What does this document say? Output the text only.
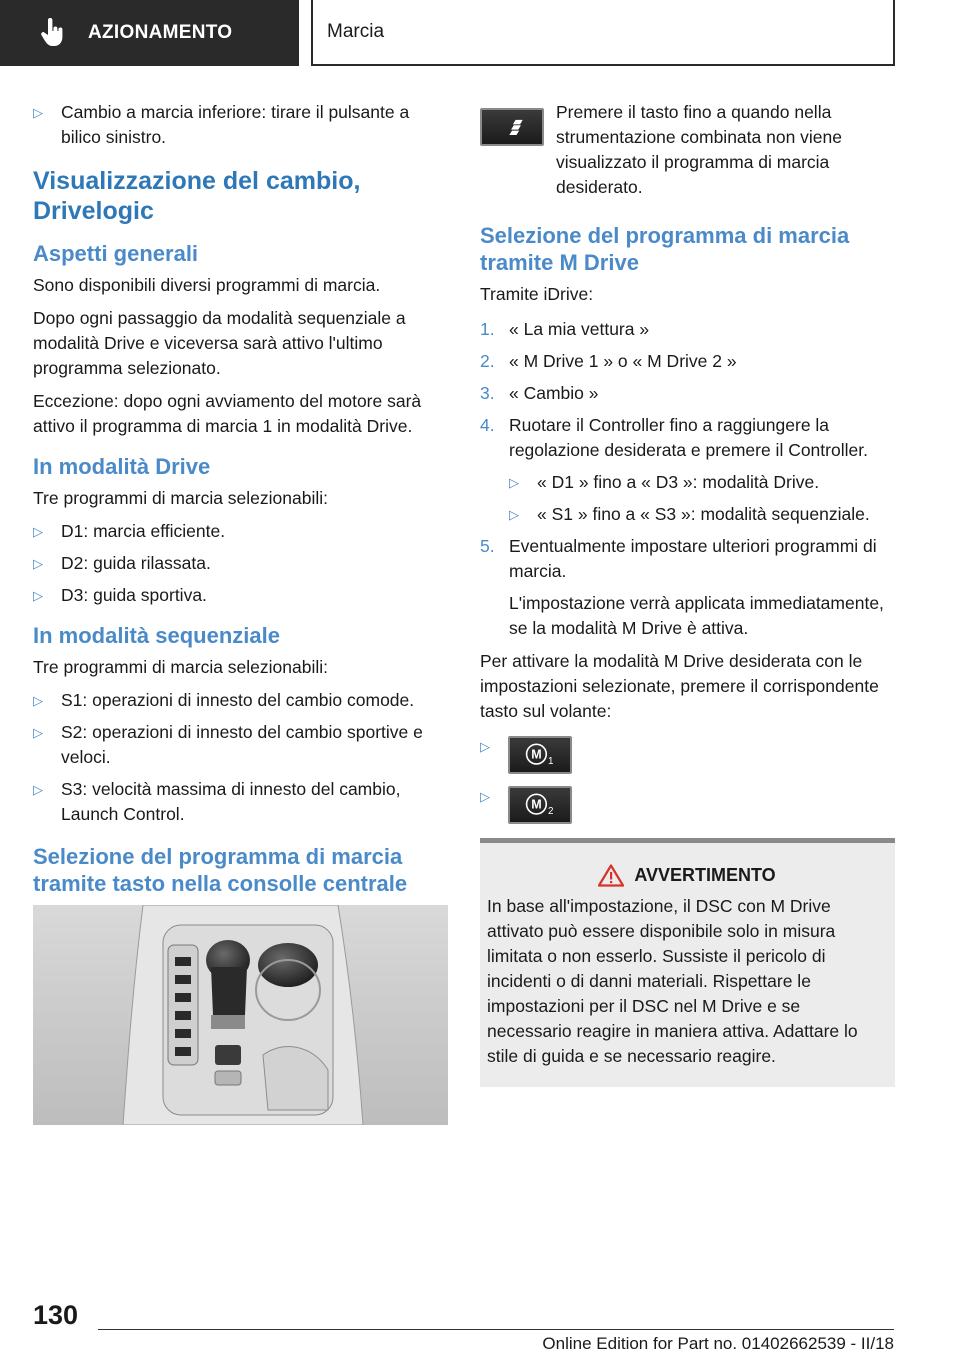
AZIONAMENTO	Marcia
▷	Cambio a marcia inferiore: tirare il pulsante a bilico sinistro.
Visualizzazione del cambio, Drivelogic
Aspetti generali

Sono disponibili diversi programmi di marcia.

Dopo ogni passaggio da modalità sequenziale a modalità Drive e viceversa sarà attivo l'ultimo programma selezionato.

Eccezione: dopo ogni avviamento del motore sarà attivo il programma di marcia 1 in modalità Drive.

In modalità Drive

Tre programmi di marcia selezionabili:

▷	D1: marcia efficiente.
▷	D2: guida rilassata.
▷	D3: guida sportiva.
In modalità sequenziale

Tre programmi di marcia selezionabili:

▷	S1: operazioni di innesto del cambio comode.
▷	S2: operazioni di innesto del cambio sportive e veloci.
▷	S3: velocità massima di innesto del cambio, Launch Control.
Selezione del programma di marcia tramite tasto nella consolle centrale
Premere il tasto fino a quando nella strumentazione combinata non viene visualizzato il programma di marcia desiderato.
Selezione del programma di marcia tramite M Drive

Tramite iDrive:

1. « La mia vettura »
2. « M Drive 1 » o « M Drive 2 »
3. « Cambio »
4. Ruotare il Controller fino a raggiungere la regolazione desiderata e premere il Controller.
▷	« D1 » fino a « D3 »: modalità Drive.
▷	« S1 » fino a « S3 »: modalità sequenziale.
5. Eventualmente impostare ulteriori programmi di marcia.

L'impostazione verrà applicata immediatamente, se la modalità M Drive è attiva.

Per attivare la modalità M Drive desiderata con le impostazioni selezionate, premere il corrispondente tasto sul volante:

▷
M 1
▷
M 2
AVVERTIMENTO

In base all'impostazione, il DSC con M Drive attivato può essere disponibile solo in misura limitata o non esserlo. Sussiste il pericolo di incidenti o di danni materiali. Rispettare le impostazioni per il DSC nel M Drive e se necessario reagire in maniera attiva. Adattare lo stile di guida e se necessario reagire.

130
Online Edition for Part no. 01402662539 - II/18
